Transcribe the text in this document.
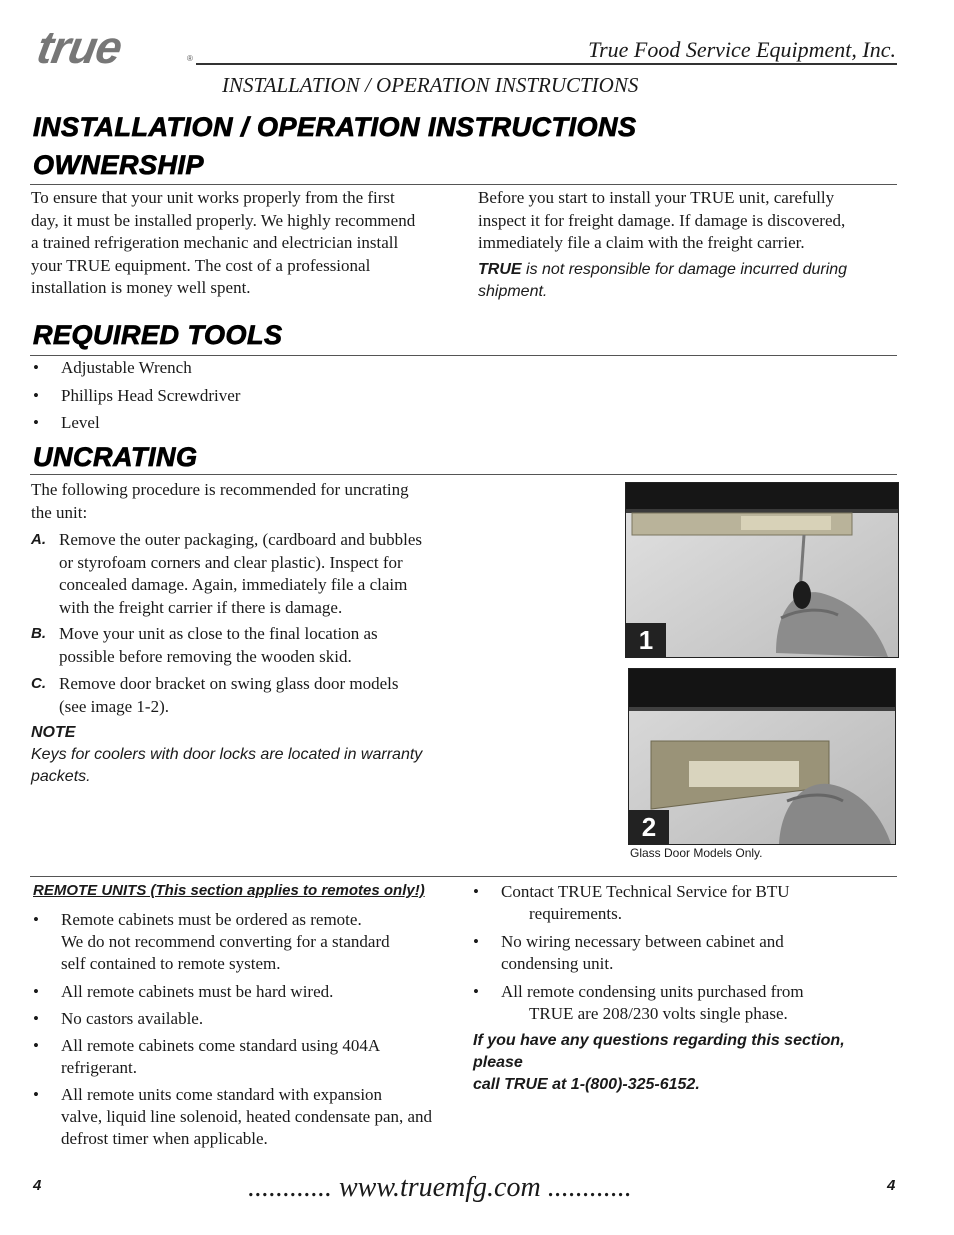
true	®	True Food Service Equipment, Inc.
INSTALLATION / OPERATION INSTRUCTIONS
INSTALLATION / OPERATION INSTRUCTIONS
OWNERSHIP
To ensure that your unit works properly from the first
day, it must be installed properly. We highly recommend
a trained refrigeration mechanic and electrician install
your TRUE equipment. The cost of a professional
installation is money well spent.
Before you start to install your TRUE unit, carefully
inspect it for freight damage. If damage is discovered,
immediately file a claim with the freight carrier.
TRUE is not responsible for damage incurred during
shipment.
REQUIRED TOOLS
• Adjustable Wrench
• Phillips Head Screwdriver
• Level
UNCRATING
The following procedure is recommended for uncrating
the unit:
A. Remove the outer packaging, (cardboard and bubbles
or styrofoam corners and clear plastic). Inspect for
concealed damage. Again, immediately file a claim
with the freight carrier if there is damage.
B. Move your unit as close to the final location as
possible before removing the wooden skid.
C. Remove door bracket on swing glass door models
(see image 1-2).
NOTE
Keys for coolers with door locks are located in warranty
packets.
1
2
Glass Door Models Only.
REMOTE UNITS (This section applies to remotes only!)
• Remote cabinets must be ordered as remote.
We do not recommend converting for a standard
self contained to remote system.
• All remote cabinets must be hard wired.
• No castors available.
• All remote cabinets come standard using 404A
refrigerant.
• All remote units come standard with expansion
valve, liquid line solenoid, heated condensate pan, and
defrost timer when applicable.
• Contact TRUE Technical Service for BTU
requirements.
• No wiring necessary between cabinet and
condensing unit.
• All remote condensing units purchased from
TRUE are 208/230 volts single phase.
If you have any questions regarding this section, please
call TRUE at 1-(800)-325-6152.
4	............ www.truemfg.com ............	4
